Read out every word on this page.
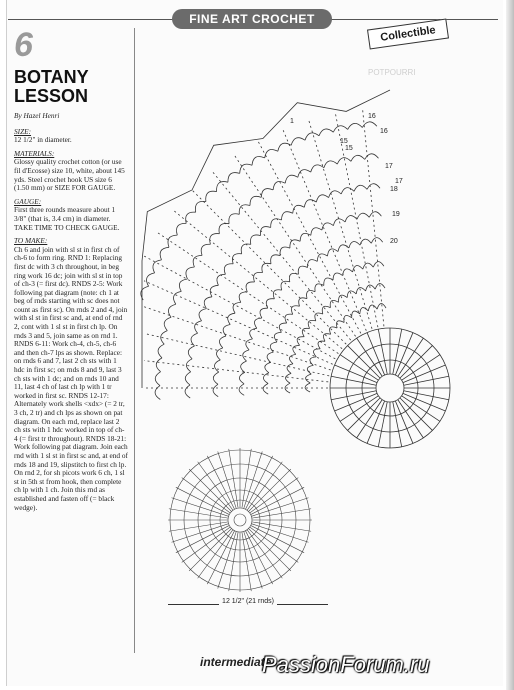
FINE ART CROCHET
Collectible
6
BOTANY
LESSON

By Hazel Henri

SIZE:

12 1/2" in diameter.

MATERIALS:

Glossy quality crochet cotton (or use fil d'Ecosse) size 10, white, about 145 yds. Steel crochet hook US size 6 (1.50 mm) or SIZE FOR GAUGE.

GAUGE:

First three rounds measure about 1 3/8" (that is, 3.4 cm) in diameter. TAKE TIME TO CHECK GAUGE.

TO MAKE:

Ch 6 and join with sl st in first ch of ch-6 to form ring. RND 1: Replacing first dc with 3 ch throughout, in beg ring work 16 dc; join with sl st in top of ch-3 (= first dc). RNDS 2-5: Work following pat diagram (note: ch 1 at beg of rnds starting with sc does not count as first sc). On rnds 2 and 4, join with sl st in first sc and, at end of rnd 2, cont with 1 sl st in first ch lp. On rnds 3 and 5, join same as on rnd 1. RNDS 6-11: Work ch-4, ch-5, ch-6 and then ch-7 lps as shown. Replace: on rnds 6 and 7, last 2 ch sts with 1 hdc in first sc; on rnds 8 and 9, last 3 ch sts with 1 dc; and on rnds 10 and 11, last 4 ch of last ch lp with 1 tr worked in first sc. RNDS 12-17: Alternately work shells <xdx> (= 2 tr, 3 ch, 2 tr) and ch lps as shown on pat diagram. On each rnd, replace last 2 ch sts with 1 hdc worked in top of ch-4 (= first tr throughout). RNDS 18-21: Work following pat diagram. Join each rnd with 1 sl st in first sc and, at end of rnds 18 and 19, slipstitch to first ch lp. On rnd 2, for sh picots work 6 ch, 1 sl st in 5th st from hook, then complete ch lp with 1 ch. Join this rnd as established and fasten off (= black wedge).

POTPOURRI
1
16
15
17
18
19
20
15
16
17
12 1/2" (21 rnds)
intermediate
PassionForum.ru
